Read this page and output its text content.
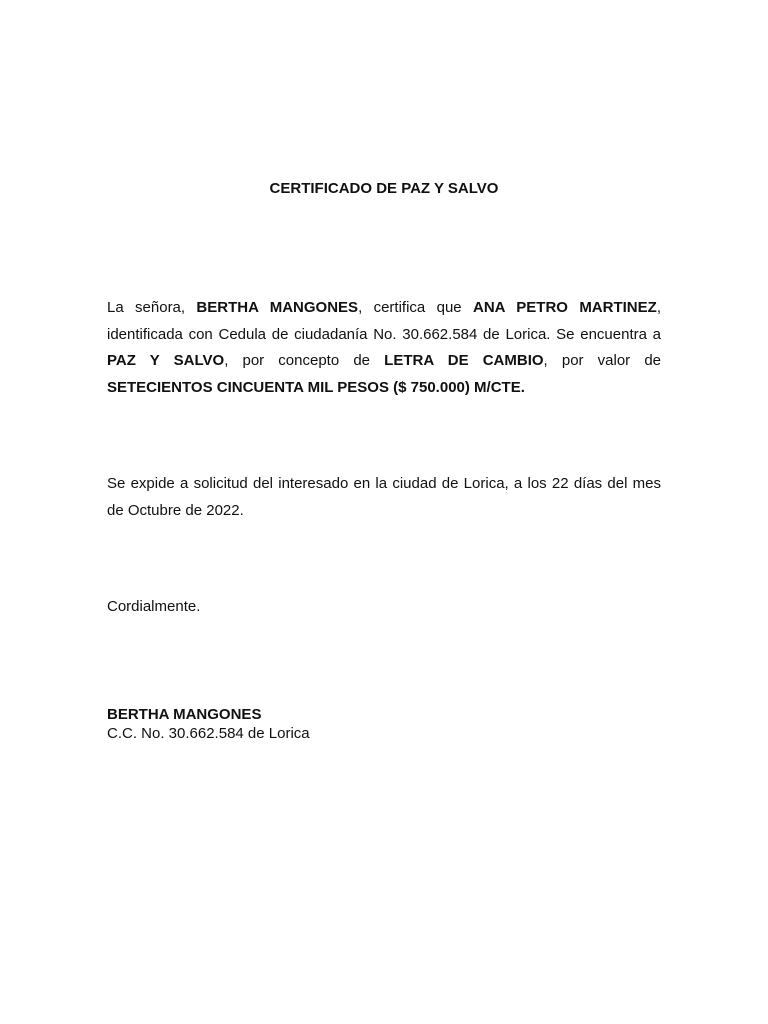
CERTIFICADO DE PAZ Y SALVO

La señora, BERTHA MANGONES, certifica que ANA PETRO MARTINEZ, identificada con Cedula de ciudadanía No. 30.662.584 de Lorica. Se encuentra a PAZ Y SALVO, por concepto de LETRA DE CAMBIO, por valor de SETECIENTOS CINCUENTA MIL PESOS ($ 750.000) M/CTE.

Se expide a solicitud del interesado en la ciudad de Lorica, a los 22 días del mes de Octubre de 2022.

Cordialmente.

BERTHA MANGONES
C.C. No. 30.662.584 de Lorica
